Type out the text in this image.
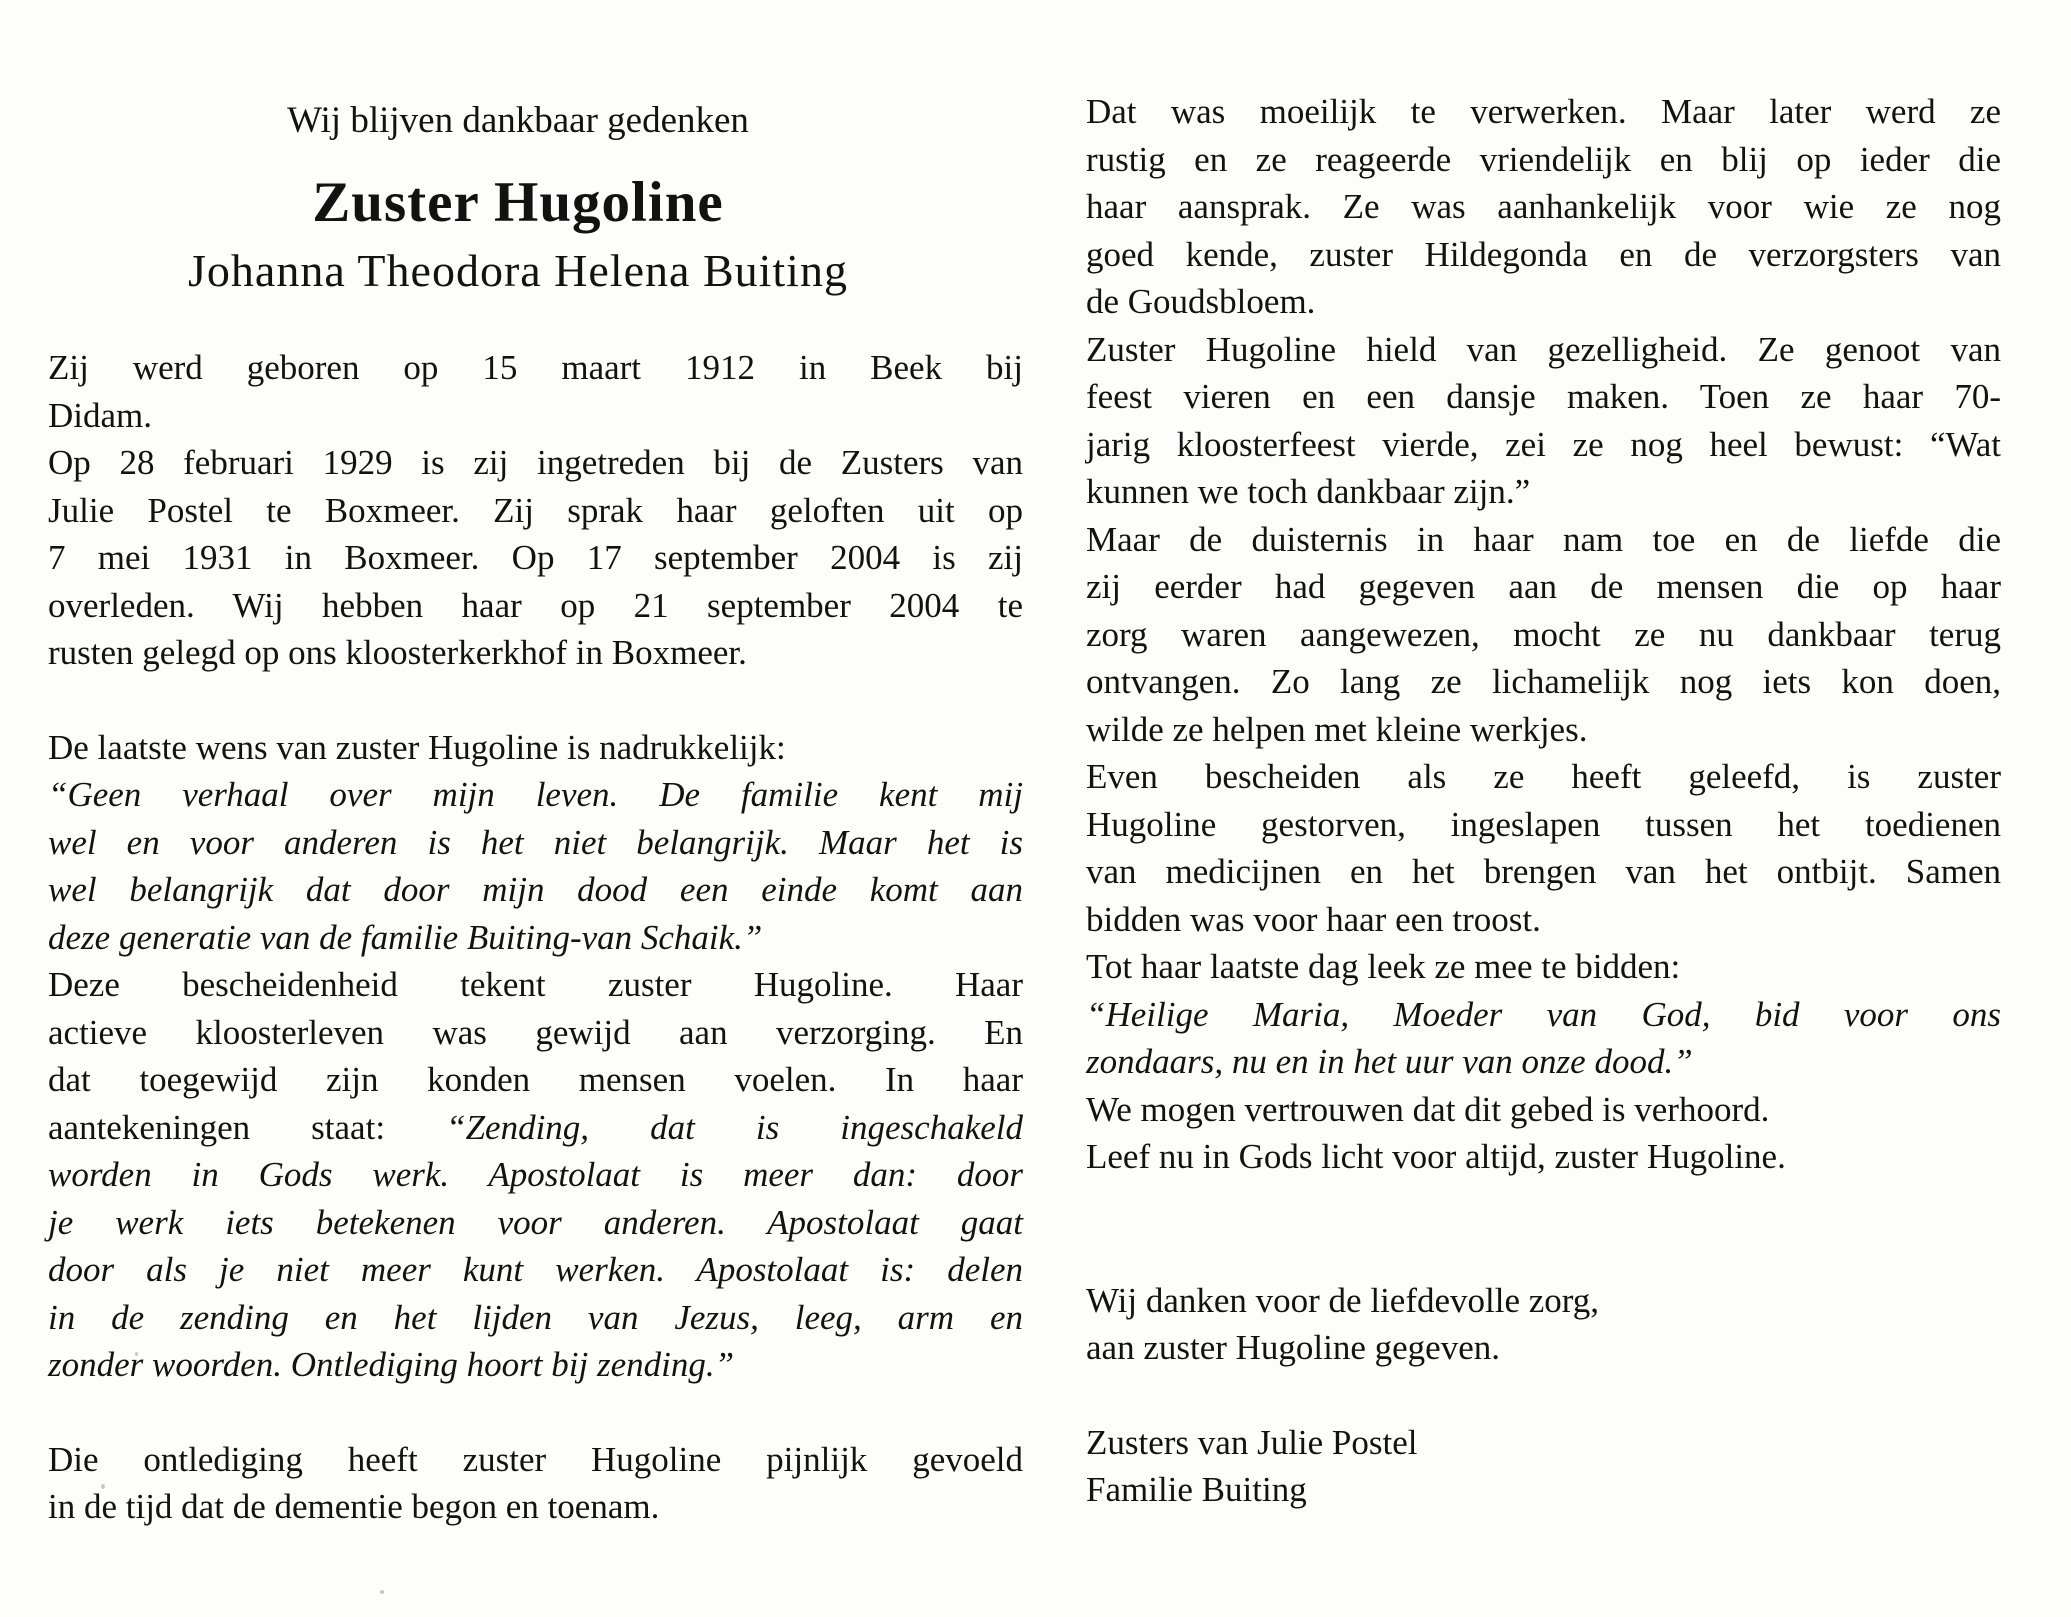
Wij blijven dankbaar gedenken
Zuster Hugoline
Johanna Theodora Helena Buiting
Zij werd geboren op 15 maart 1912 in Beek bij
Didam.
Op 28 februari 1929 is zij ingetreden bij de Zusters van
Julie Postel te Boxmeer. Zij sprak haar geloften uit op
7 mei 1931 in Boxmeer. Op 17 september 2004 is zij
overleden. Wij hebben haar op 21 september 2004 te
rusten gelegd op ons kloosterkerkhof in Boxmeer.
De laatste wens van zuster Hugoline is nadrukkelijk:
“Geen verhaal over mijn leven. De familie kent mij
wel en voor anderen is het niet belangrijk. Maar het is
wel belangrijk dat door mijn dood een einde komt aan
deze generatie van de familie Buiting-van Schaik.”
Deze bescheidenheid tekent zuster Hugoline. Haar
actieve kloosterleven was gewijd aan verzorging. En
dat toegewijd zijn konden mensen voelen. In haar
aantekeningen staat: “Zending, dat is ingeschakeld
worden in Gods werk. Apostolaat is meer dan: door
je werk iets betekenen voor anderen. Apostolaat gaat
door als je niet meer kunt werken. Apostolaat is: delen
in de zending en het lijden van Jezus, leeg, arm en
zonder woorden. Ontlediging hoort bij zending.”
Die ontlediging heeft zuster Hugoline pijnlijk gevoeld
in de tijd dat de dementie begon en toenam.
Dat was moeilijk te verwerken. Maar later werd ze
rustig en ze reageerde vriendelijk en blij op ieder die
haar aansprak. Ze was aanhankelijk voor wie ze nog
goed kende, zuster Hildegonda en de verzorgsters van
de Goudsbloem.
Zuster Hugoline hield van gezelligheid. Ze genoot van
feest vieren en een dansje maken. Toen ze haar 70-
jarig kloosterfeest vierde, zei ze nog heel bewust: “Wat
kunnen we toch dankbaar zijn.”
Maar de duisternis in haar nam toe en de liefde die
zij eerder had gegeven aan de mensen die op haar
zorg waren aangewezen, mocht ze nu dankbaar terug
ontvangen. Zo lang ze lichamelijk nog iets kon doen,
wilde ze helpen met kleine werkjes.
Even bescheiden als ze heeft geleefd, is zuster
Hugoline gestorven, ingeslapen tussen het toedienen
van medicijnen en het brengen van het ontbijt. Samen
bidden was voor haar een troost.
Tot haar laatste dag leek ze mee te bidden:
“Heilige Maria, Moeder van God, bid voor ons
zondaars, nu en in het uur van onze dood.”
We mogen vertrouwen dat dit gebed is verhoord.
Leef nu in Gods licht voor altijd, zuster Hugoline.
Wij danken voor de liefdevolle zorg,
aan zuster Hugoline gegeven.
Zusters van Julie Postel
Familie Buiting
